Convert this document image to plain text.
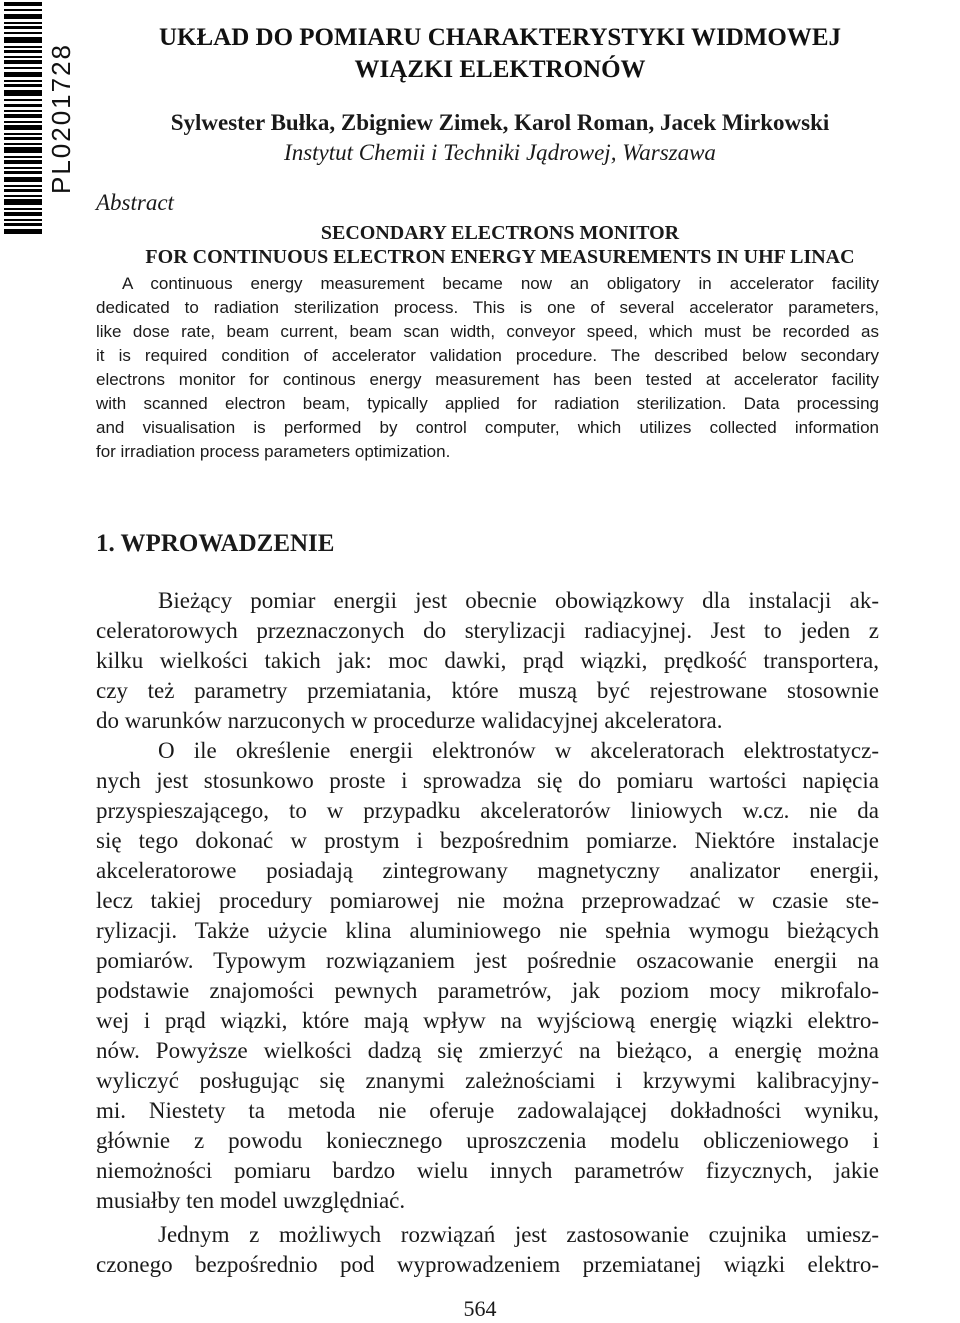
PL0201728
UKŁAD DO POMIARU CHARAKTERYSTYKI WIDMOWEJ
WIĄZKI ELEKTRONÓW
Sylwester Bułka, Zbigniew Zimek, Karol Roman, Jacek Mirkowski
Instytut Chemii i Techniki Jądrowej, Warszawa
Abstract
SECONDARY ELECTRONS MONITOR
FOR CONTINUOUS ELECTRON ENERGY MEASUREMENTS IN UHF LINAC
A continuous energy measurement became now an obligatory in accelerator facility
dedicated to radiation sterilization process. This is one of several accelerator parameters,
like dose rate, beam current, beam scan width, conveyor speed, which must be recorded as
it is required condition of accelerator validation procedure. The described below secondary
electrons monitor for continous energy measurement has been tested at accelerator facility
with scanned electron beam, typically applied for radiation sterilization. Data processing
and visualisation is performed by control computer, which utilizes collected information
for irradiation process parameters optimization.
1. WPROWADZENIE
Bieżący pomiar energii jest obecnie obowiązkowy dla instalacji ak-
celeratorowych przeznaczonych do sterylizacji radiacyjnej. Jest to jeden z
kilku wielkości takich jak: moc dawki, prąd wiązki, prędkość transportera,
czy też parametry przemiatania, które muszą być rejestrowane stosownie
do warunków narzuconych w procedurze walidacyjnej akceleratora.
O ile określenie energii elektronów w akceleratorach elektrostatycz-
nych jest stosunkowo proste i sprowadza się do pomiaru wartości napięcia
przyspieszającego, to w przypadku akceleratorów liniowych w.cz. nie da
się tego dokonać w prostym i bezpośrednim pomiarze. Niektóre instalacje
akceleratorowe posiadają zintegrowany magnetyczny analizator energii,
lecz takiej procedury pomiarowej nie można przeprowadzać w czasie ste-
rylizacji. Także użycie klina aluminiowego nie spełnia wymogu bieżących
pomiarów. Typowym rozwiązaniem jest pośrednie oszacowanie energii na
podstawie znajomości pewnych parametrów, jak poziom mocy mikrofalo-
wej i prąd wiązki, które mają wpływ na wyjściową energię wiązki elektro-
nów. Powyższe wielkości dadzą się zmierzyć na bieżąco, a energię można
wyliczyć posługując się znanymi zależnościami i krzywymi kalibracyjny-
mi. Niestety ta metoda nie oferuje zadowalającej dokładności wyniku,
głównie z powodu koniecznego uproszczenia modelu obliczeniowego i
niemożności pomiaru bardzo wielu innych parametrów fizycznych, jakie
musiałby ten model uwzględniać.
Jednym z możliwych rozwiązań jest zastosowanie czujnika umiesz-
czonego bezpośrednio pod wyprowadzeniem przemiatanej wiązki elektro-
564
